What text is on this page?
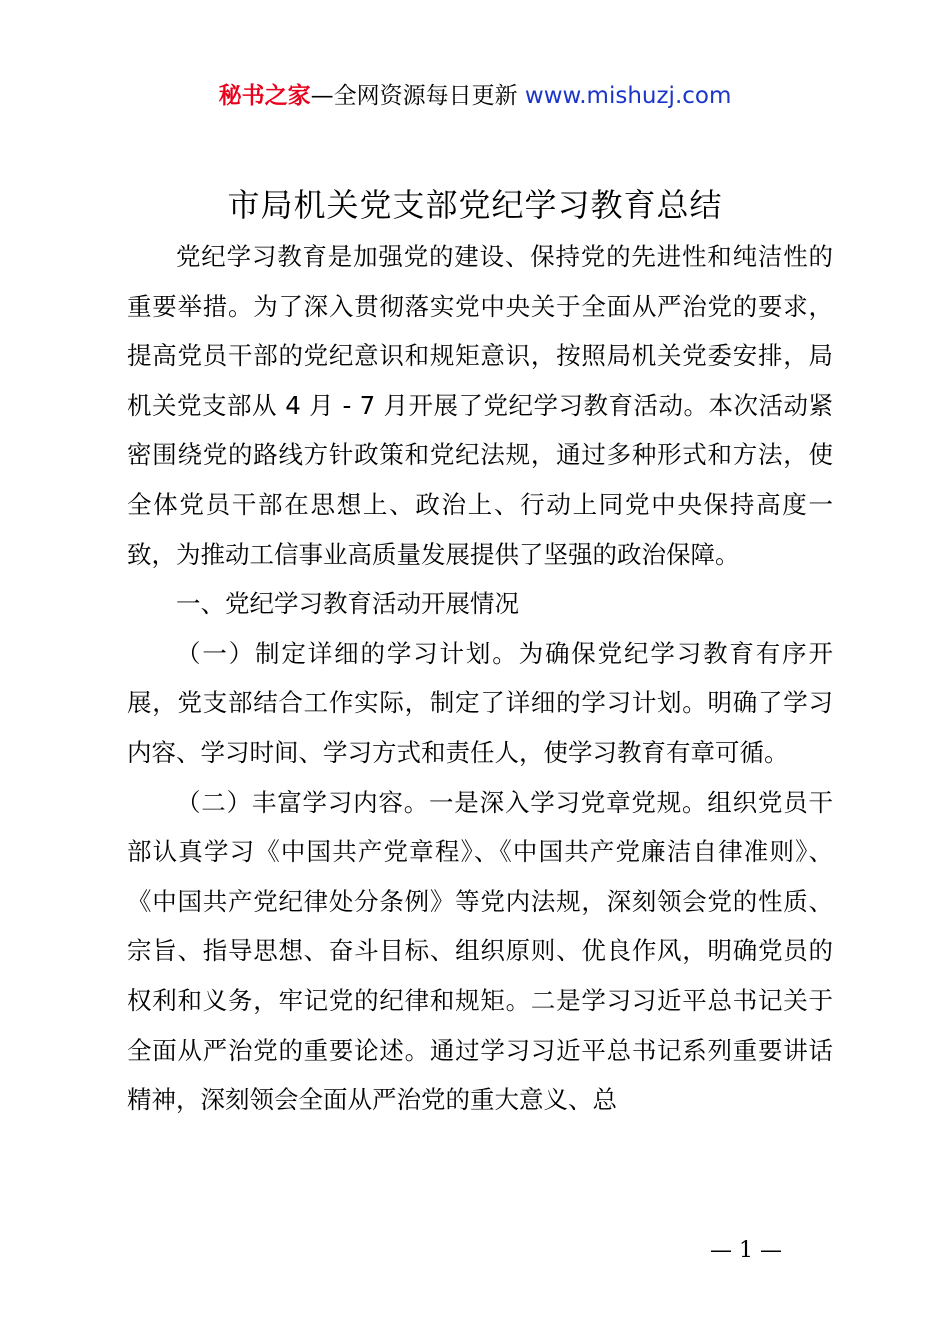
秘书之家—全网资源每日更新 www.mishuzj.com
市局机关党支部党纪学习教育总结

党纪学习教育是加强党的建设、保持党的先进性和纯洁性的重要举措。为了深入贯彻落实党中央关于全面从严治党的要求，提高党员干部的党纪意识和规矩意识，按照局机关党委安排，局机关党支部从 4 月 - 7 月开展了党纪学习教育活动。本次活动紧密围绕党的路线方针政策和党纪法规，通过多种形式和方法，使全体党员干部在思想上、政治上、行动上同党中央保持高度一致，为推动工信事业高质量发展提供了坚强的政治保障。

一、党纪学习教育活动开展情况

（一）制定详细的学习计划。为确保党纪学习教育有序开展，党支部结合工作实际，制定了详细的学习计划。明确了学习内容、学习时间、学习方式和责任人，使学习教育有章可循。

（二）丰富学习内容。一是深入学习党章党规。组织党员干部认真学习《中国共产党章程》、《中国共产党廉洁自律准则》、《中国共产党纪律处分条例》等党内法规，深刻领会党的性质、宗旨、指导思想、奋斗目标、组织原则、优良作风，明确党员的权利和义务，牢记党的纪律和规矩。二是学习习近平总书记关于全面从严治党的重要论述。通过学习习近平总书记系列重要讲话精神，深刻领会全面从严治党的重大意义、总

— 1 —
